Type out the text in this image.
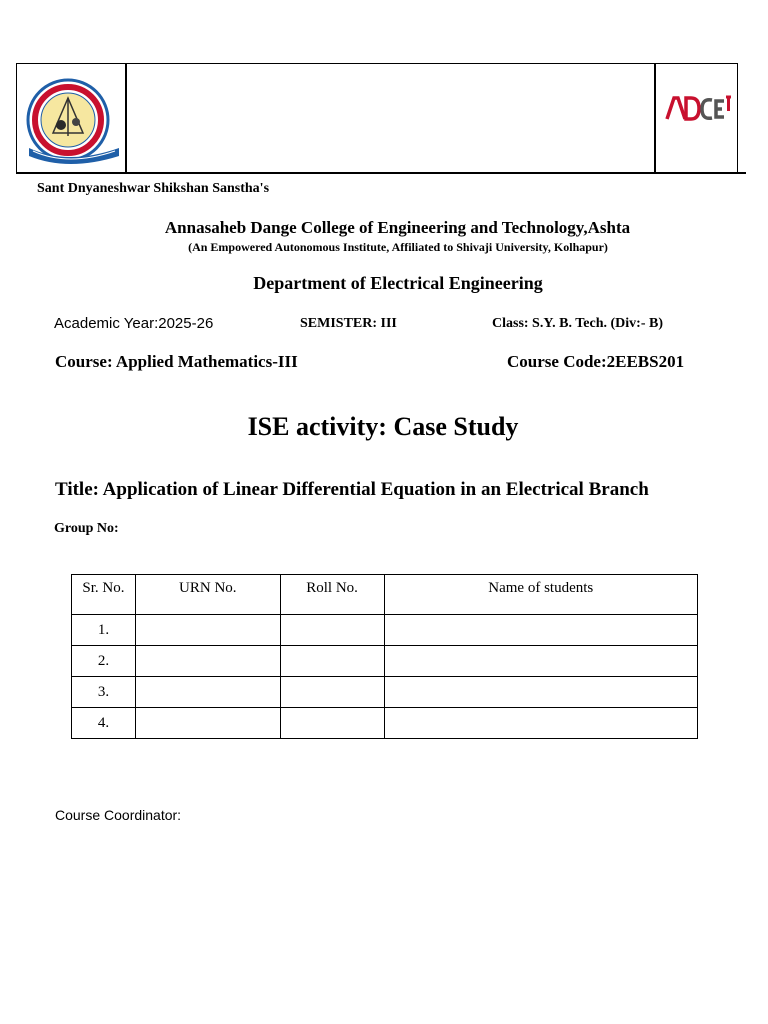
Sant Dnyaneshwar Shikshan Sanstha's
Annasaheb Dange College of Engineering and Technology,Ashta
(An Empowered Autonomous Institute, Affiliated to Shivaji University, Kolhapur)
Department of Electrical Engineering
Academic Year:2025-26	SEMISTER: III	Class: S.Y. B. Tech. (Div:- B)
Course: Applied Mathematics-III	Course Code:2EEBS201
ISE activity: Case Study
Title: Application of Linear Differential Equation in an Electrical Branch
Group No:
Sr. No.	URN No.	Roll No.	Name of students
1.			
2.			
3.			
4.			
Course Coordinator:
